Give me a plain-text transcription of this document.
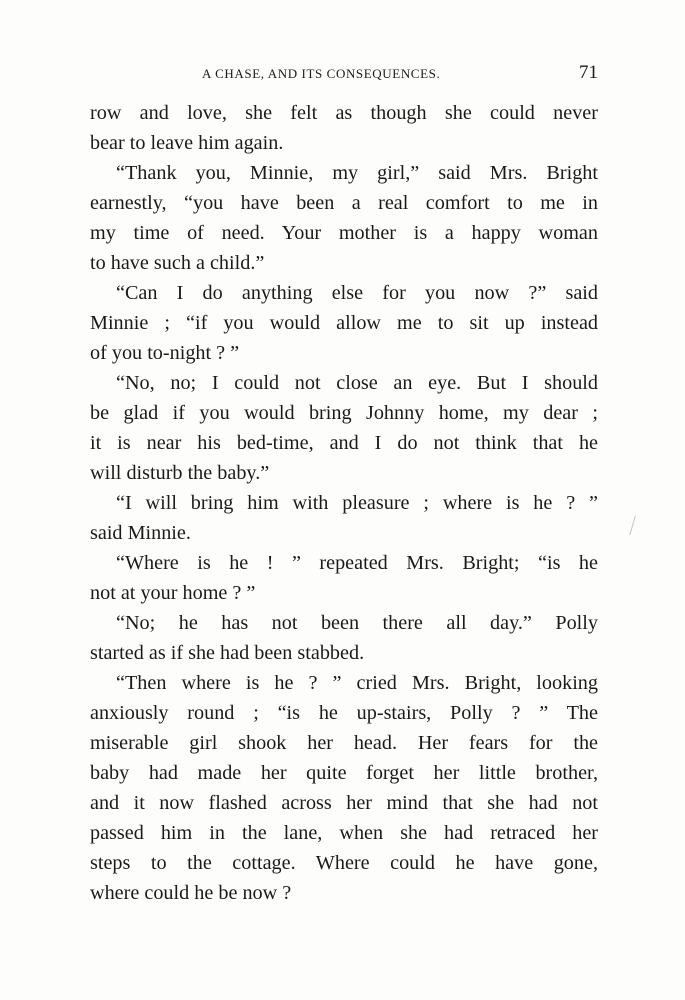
A CHASE, AND ITS CONSEQUENCES.	71
row and love, she felt as though she could never
bear to leave him again.
“Thank you, Minnie, my girl,” said Mrs. Bright
earnestly, “you have been a real comfort to me in
my time of need. Your mother is a happy woman
to have such a child.”
“Can I do anything else for you now ?” said
Minnie ; “if you would allow me to sit up instead
of you to-night ? ”
“No, no; I could not close an eye. But I should
be glad if you would bring Johnny home, my dear ;
it is near his bed-time, and I do not think that he
will disturb the baby.”
“I will bring him with pleasure ; where is he ? ”
said Minnie.
“Where is he ! ” repeated Mrs. Bright; “is he
not at your home ? ”
“No; he has not been there all day.” Polly
started as if she had been stabbed.
“Then where is he ? ” cried Mrs. Bright, looking
anxiously round ; “is he up-stairs, Polly ? ” The
miserable girl shook her head. Her fears for the
baby had made her quite forget her little brother,
and it now flashed across her mind that she had not
passed him in the lane, when she had retraced her
steps to the cottage. Where could he have gone,
where could he be now ?
